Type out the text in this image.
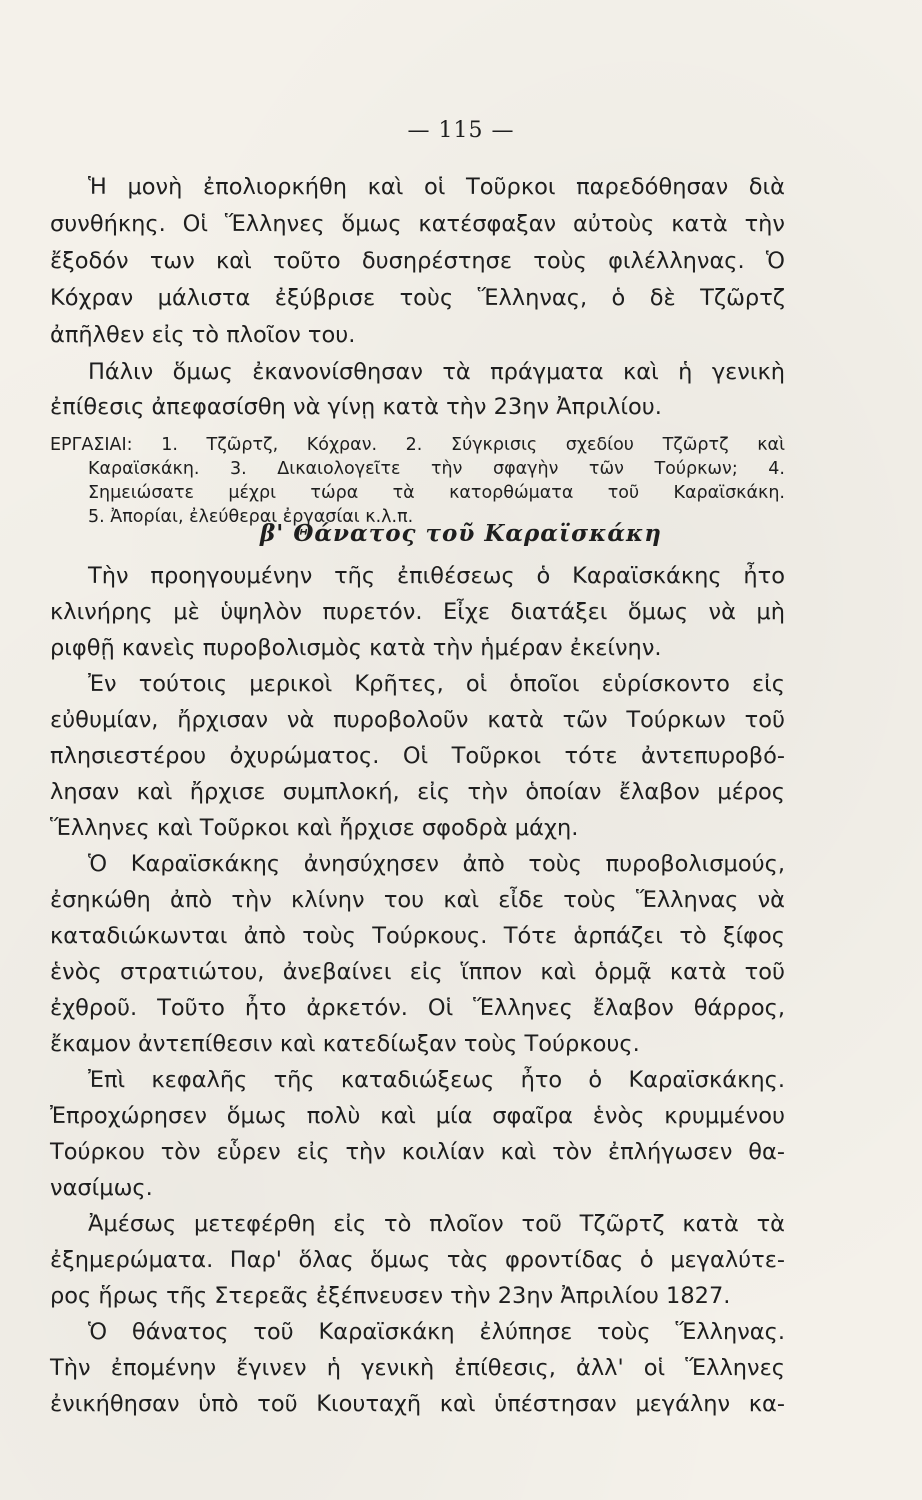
— 115 —
Ἡ μονὴ ἐπολιορκήθη καὶ οἱ Τοῦρκοι παρεδόθησαν διὰ
συνθήκης. Οἱ Ἕλληνες ὅμως κατέσφαξαν αὐτοὺς κατὰ τὴν
ἔξοδόν των καὶ τοῦτο δυσηρέστησε τοὺς φιλέλληνας. Ὁ
Κόχραν μάλιστα ἐξύβρισε τοὺς Ἕλληνας, ὁ δὲ Τζῶρτζ
ἀπῆλθεν εἰς τὸ πλοῖον του.
Πάλιν ὅμως ἐκανονίσθησαν τὰ πράγματα καὶ ἡ γενικὴ
ἐπίθεσις ἀπεφασίσθη νὰ γίνῃ κατὰ τὴν 23ην Ἀπριλίου.
ΕΡΓΑΣΙΑΙ: 1. Τζῶρτζ, Κόχραν. 2. Σύγκρισις σχεδίου Τζῶρτζ καὶ
Καραϊσκάκη. 3. Δικαιολογεῖτε τὴν σφαγὴν τῶν Τούρκων; 4.
Σημειώσατε μέχρι τώρα τὰ κατορθώματα τοῦ Καραϊσκάκη.
5. Ἀπορίαι, ἐλεύθεραι ἐργασίαι κ.λ.π.
β' Θάνατος τοῦ Καραϊσκάκη
Τὴν προηγουμένην τῆς ἐπιθέσεως ὁ Καραϊσκάκης ἦτο
κλινήρης μὲ ὑψηλὸν πυρετόν. Εἶχε διατάξει ὅμως νὰ μὴ
ριφθῇ κανεὶς πυροβολισμὸς κατὰ τὴν ἡμέραν ἐκείνην.
Ἐν τούτοις μερικοὶ Κρῆτες, οἱ ὁποῖοι εὑρίσκοντο εἰς
εὐθυμίαν, ἤρχισαν νὰ πυροβολοῦν κατὰ τῶν Τούρκων τοῦ
πλησιεστέρου ὀχυρώματος. Οἱ Τοῦρκοι τότε ἀντεπυροβό-
λησαν καὶ ἤρχισε συμπλοκή, εἰς τὴν ὁποίαν ἔλαβον μέρος
Ἕλληνες καὶ Τοῦρκοι καὶ ἤρχισε σφοδρὰ μάχη.
Ὁ Καραϊσκάκης ἀνησύχησεν ἀπὸ τοὺς πυροβολισμούς,
ἐσηκώθη ἀπὸ τὴν κλίνην του καὶ εἶδε τοὺς Ἕλληνας νὰ
καταδιώκωνται ἀπὸ τοὺς Τούρκους. Τότε ἁρπάζει τὸ ξίφος
ἑνὸς στρατιώτου, ἀνεβαίνει εἰς ἵππον καὶ ὁρμᾷ κατὰ τοῦ
ἐχθροῦ. Τοῦτο ἦτο ἀρκετόν. Οἱ Ἕλληνες ἔλαβον θάρρος,
ἔκαμον ἀντεπίθεσιν καὶ κατεδίωξαν τοὺς Τούρκους.
Ἐπὶ κεφαλῆς τῆς καταδιώξεως ἦτο ὁ Καραϊσκάκης.
Ἐπροχώρησεν ὅμως πολὺ καὶ μία σφαῖρα ἑνὸς κρυμμένου
Τούρκου τὸν εὗρεν εἰς τὴν κοιλίαν καὶ τὸν ἐπλήγωσεν θα-
νασίμως.
Ἀμέσως μετεφέρθη εἰς τὸ πλοῖον τοῦ Τζῶρτζ κατὰ τὰ
ἐξημερώματα. Παρ' ὅλας ὅμως τὰς φροντίδας ὁ μεγαλύτε-
ρος ἥρως τῆς Στερεᾶς ἐξέπνευσεν τὴν 23ην Ἀπριλίου 1827.
Ὁ θάνατος τοῦ Καραϊσκάκη ἐλύπησε τοὺς Ἕλληνας.
Τὴν ἐπομένην ἔγινεν ἡ γενικὴ ἐπίθεσις, ἀλλ' οἱ Ἕλληνες
ἐνικήθησαν ὑπὸ τοῦ Κιουταχῆ καὶ ὑπέστησαν μεγάλην κα-
